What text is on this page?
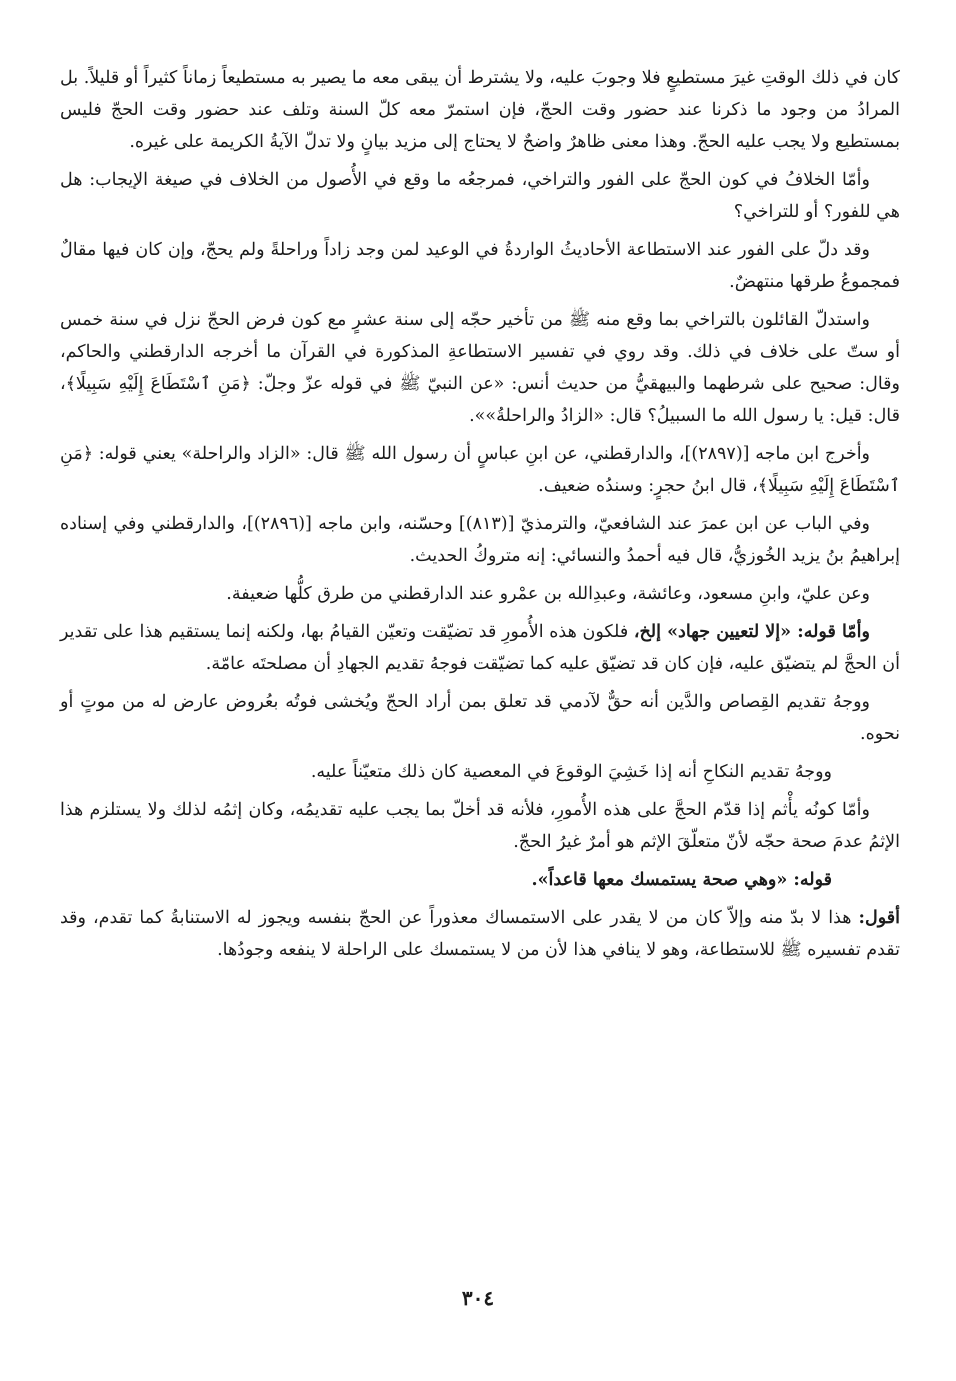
كان في ذلك الوقتِ غيرَ مستطيعٍ فلا وجوبَ عليه، ولا يشترط أن يبقى معه ما يصير به مستطيعاً زماناً كثيراً أو قليلاً. بل المرادُ من وجود ما ذكرنا عند حضور وقت الحجّ، فإن استمرّ معه كلّ السنة وتلف عند حضور وقت الحجّ فليس بمستطيع ولا يجب عليه الحجّ. وهذا معنى ظاهرٌ واضحٌ لا يحتاج إلى مزيد بيانٍ ولا تدلّ الآيةُ الكريمة على غيره.

وأمّا الخلافُ في كون الحجّ على الفور والتراخي، فمرجعُه ما وقع في الأُصول من الخلاف في صيغة الإيجاب: هل هي للفور؟ أو للتراخي؟

وقد دلّ على الفور عند الاستطاعة الأحاديثُ الواردةُ في الوعيد لمن وجد زاداً وراحلةً ولم يحجّ، وإن كان فيها مقالٌ فمجموعُ طرقها منتهضٌ.

واستدلّ القائلون بالتراخي بما وقع منه ﷺ من تأخير حجّه إلى سنة عشرٍ مع كون فرض الحجّ نزل في سنة خمس أو ستّ على خلاف في ذلك. وقد روي في تفسير الاستطاعةِ المذكورة في القرآن ما أخرجه الدارقطني والحاكم، وقال: صحيح على شرطهما والبيهقيُّ من حديث أنس: «عن النبيّ ﷺ في قوله عزّ وجلّ: ﴿مَنِ ٱسْتَطَاعَ إِلَيْهِ سَبِيلًا﴾، قال: قيل: يا رسول الله ما السبيلُ؟ قال: «الزادُ والراحلةُ»».

وأخرج ابن ماجه [(٢٨٩٧)]، والدارقطني، عن ابنِ عباسٍ أن رسول الله ﷺ قال: «الزاد والراحلة» يعني قوله: ﴿مَنِ ٱسْتَطَاعَ إِلَيْهِ سَبِيلًا﴾، قال ابنُ حجرٍ: وسندُه ضعيف.

وفي الباب عن ابن عمرَ عند الشافعيّ، والترمذيّ [(٨١٣)] وحسّنه، وابن ماجه [(٢٨٩٦)]، والدارقطني وفي إسناده إبراهيمُ بنُ يزيد الخُوزيُّ، قال فيه أحمدُ والنسائي: إنه متروكُ الحديث.

وعن عليّ، وابنِ مسعود، وعائشة، وعبدِالله بن عمْرو عند الدارقطني من طرق كلُّها ضعيفة.

وأمّا قوله: «إلا لتعيين جهاد» إلخ، فلكون هذه الأُمورِ قد تضيّقت وتعيّن القيامُ بها، ولكنه إنما يستقيم هذا على تقدير أن الحجَّ لم يتضيّق عليه، فإن كان قد تضيّق عليه كما تضيّقت فوجهُ تقديم الجهادِ أن مصلحتَه عامّة.

ووجهُ تقديم القِصاص والدَّين أنه حقٌّ لآدمي قد تعلق بمن أراد الحجّ ويُخشى فوتُه بعُروض عارض له من موتٍ أو نحوه.

ووجهُ تقديم النكاحِ أنه إذا خَشِيَ الوقوعَ في المعصية كان ذلك متعيّناً عليه.

وأمّا كونُه يأْثم إذا قدّم الحجَّ على هذه الأُمورِ، فلأنه قد أخلّ بما يجب عليه تقديمُه، وكان إثمُه لذلك ولا يستلزم هذا الإثمُ عدمَ صحة حجّه لأنّ متعلّقَ الإثم هو أمرٌ غيرُ الحجّ.

قوله: «وهي صحة يستمسك معها قاعداً».

أقول: هذا لا بدّ منه وإلاّ كان من لا يقدر على الاستمساك معذوراً عن الحجّ بنفسه ويجوز له الاستنابةُ كما تقدم، وقد تقدم تفسيره ﷺ للاستطاعة، وهو لا ينافي هذا لأن من لا يستمسك على الراحلة لا ينفعه وجودُها.

٣٠٤
